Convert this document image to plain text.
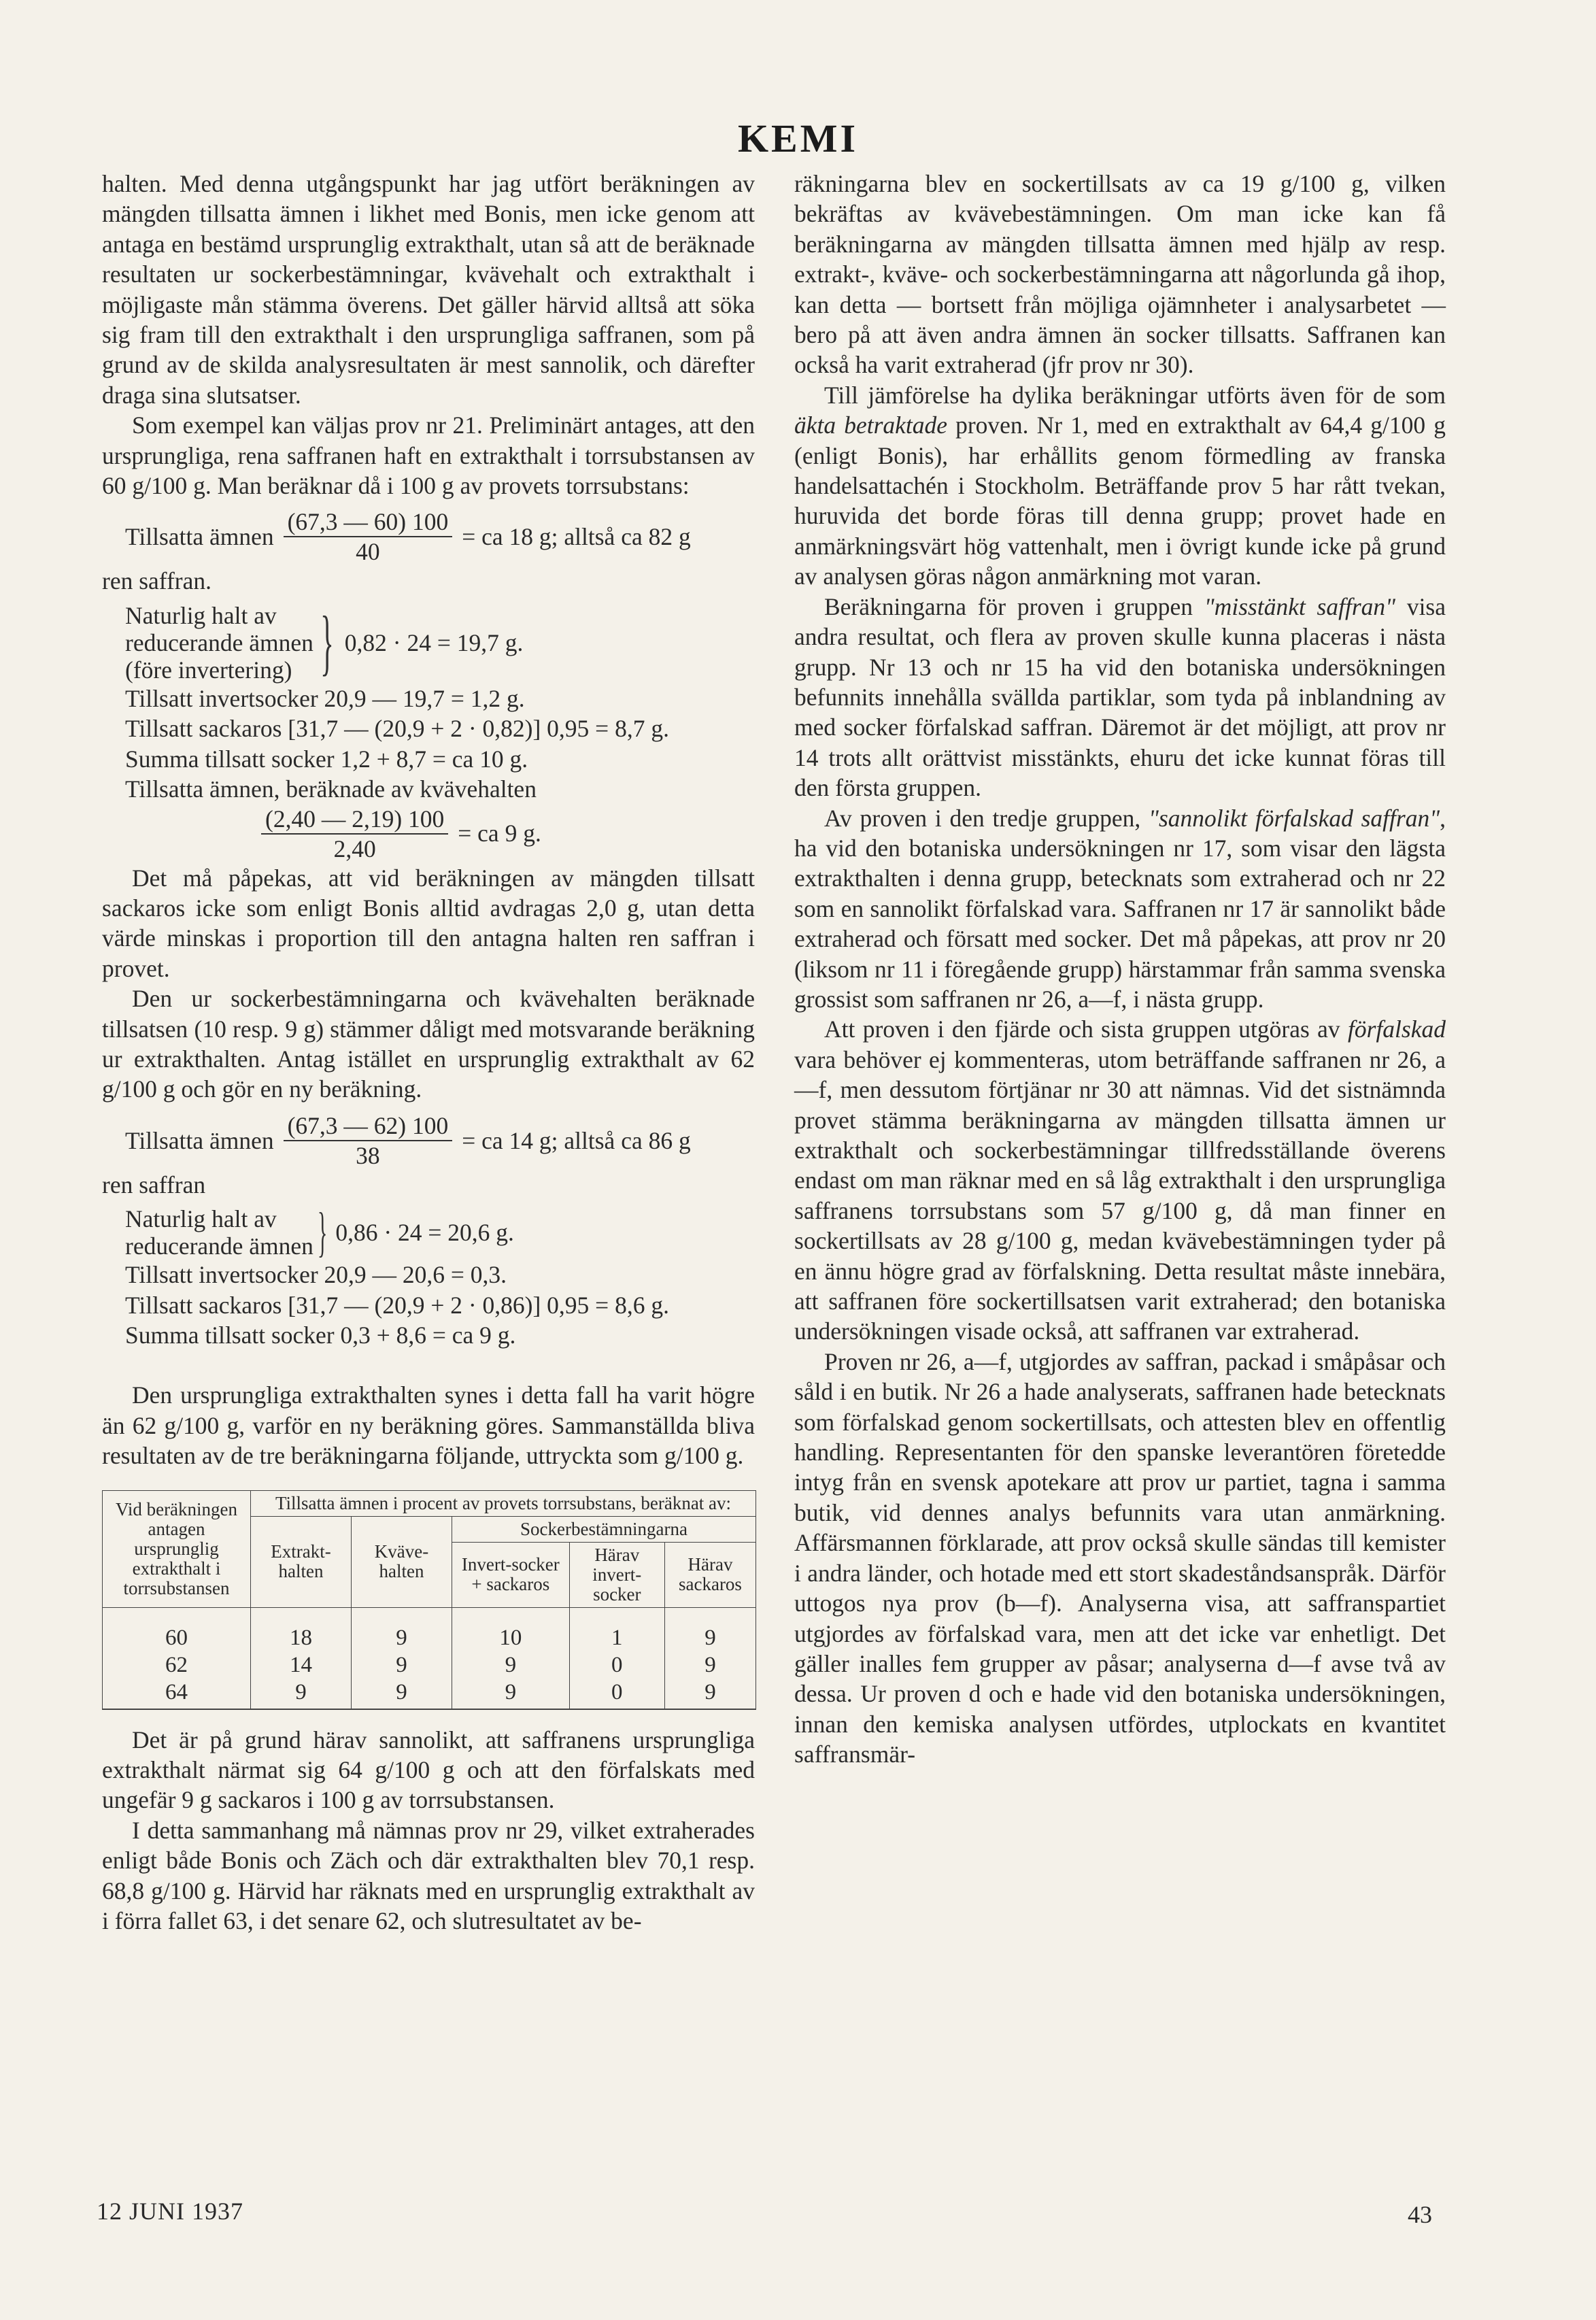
KEMI

halten. Med denna utgångspunkt har jag utfört beräkningen av mängden tillsatta ämnen i likhet med Bonis, men icke genom att antaga en bestämd ursprunglig extrakthalt, utan så att de beräknade resultaten ur sockerbestämningar, kvävehalt och extrakthalt i möjligaste mån stämma överens. Det gäller härvid alltså att söka sig fram till den extrakthalt i den ursprungliga saffranen, som på grund av de skilda analysresultaten är mest sannolik, och därefter draga sina slutsatser.

Som exempel kan väljas prov nr 21. Preliminärt antages, att den ursprungliga, rena saffranen haft en extrakthalt i torrsubstansen av 60 g/100 g. Man beräknar då i 100 g av provets torrsubstans:

Tillsatta ämnen $\frac{(67,3 — 60) 100}{40}$ = ca 18 g; alltså ca 82 g
ren saffran.
Naturlig halt av
reducerande ämnen
(före invertering) } 0,82 · 24 = 19,7 g.
Tillsatt invertsocker 20,9 — 19,7 = 1,2 g.
Tillsatt sackaros [31,7 — (20,9 + 2 · 0,82)] 0,95 = 8,7 g.
Summa tillsatt socker 1,2 + 8,7 = ca 10 g.
Tillsatta ämnen, beräknade av kvävehalten
$\frac{(2,40 — 2,19) 100}{2,40}$ = ca 9 g.

Det må påpekas, att vid beräkningen av mängden tillsatt sackaros icke som enligt Bonis alltid avdragas 2,0 g, utan detta värde minskas i proportion till den antagna halten ren saffran i provet.

Den ur sockerbestämningarna och kvävehalten beräknade tillsatsen (10 resp. 9 g) stämmer dåligt med motsvarande beräkning ur extrakthalten. Antag istället en ursprunglig extrakthalt av 62 g/100 g och gör en ny beräkning.

Tillsatta ämnen $\frac{(67,3 — 62) 100}{38}$ = ca 14 g; alltså ca 86 g
ren saffran
Naturlig halt av
reducerande ämnen } 0,86 · 24 = 20,6 g.
Tillsatt invertsocker 20,9 — 20,6 = 0,3.
Tillsatt sackaros [31,7 — (20,9 + 2 · 0,86)] 0,95 = 8,6 g.
Summa tillsatt socker 0,3 + 8,6 = ca 9 g.

Den ursprungliga extrakthalten synes i detta fall ha varit högre än 62 g/100 g, varför en ny beräkning göres. Sammanställda bliva resultaten av de tre beräkningarna följande, uttryckta som g/100 g.

Vid beräkningen antagen ursprunglig extrakthalt i torrsubstansen	Tillsatta ämnen i procent av provets torrsubstans, beräknat av:				
	Extrakt-halten	Kväve-halten	Sockerbestämningarna		
			Invert-socker + sackaros	Härav invert-socker	Härav sackaros
60	18	9	10	1	9
62	14	9	9	0	9
64	9	9	9	0	9

Det är på grund härav sannolikt, att saffranens ursprungliga extrakthalt närmat sig 64 g/100 g och att den förfalskats med ungefär 9 g sackaros i 100 g av torrsubstansen.

I detta sammanhang må nämnas prov nr 29, vilket extraherades enligt både Bonis och Zäch och där extrakthalten blev 70,1 resp. 68,8 g/100 g. Härvid har räknats med en ursprunglig extrakthalt av i förra fallet 63, i det senare 62, och slutresultatet av be-

räkningarna blev en sockertillsats av ca 19 g/100 g, vilken bekräftas av kvävebestämningen. Om man icke kan få beräkningarna av mängden tillsatta ämnen med hjälp av resp. extrakt-, kväve- och sockerbestämningarna att någorlunda gå ihop, kan detta — bortsett från möjliga ojämnheter i analysarbetet — bero på att även andra ämnen än socker tillsatts. Saffranen kan också ha varit extraherad (jfr prov nr 30).

Till jämförelse ha dylika beräkningar utförts även för de som äkta betraktade proven. Nr 1, med en extrakthalt av 64,4 g/100 g (enligt Bonis), har erhållits genom förmedling av franska handelsattachén i Stockholm. Beträffande prov 5 har rått tvekan, huruvida det borde föras till denna grupp; provet hade en anmärkningsvärt hög vattenhalt, men i övrigt kunde icke på grund av analysen göras någon anmärkning mot varan.

Beräkningarna för proven i gruppen "misstänkt saffran" visa andra resultat, och flera av proven skulle kunna placeras i nästa grupp. Nr 13 och nr 15 ha vid den botaniska undersökningen befunnits innehålla svällda partiklar, som tyda på inblandning av med socker förfalskad saffran. Däremot är det möjligt, att prov nr 14 trots allt orättvist misstänkts, ehuru det icke kunnat föras till den första gruppen.

Av proven i den tredje gruppen, "sannolikt förfalskad saffran", ha vid den botaniska undersökningen nr 17, som visar den lägsta extrakthalten i denna grupp, betecknats som extraherad och nr 22 som en sannolikt förfalskad vara. Saffranen nr 17 är sannolikt både extraherad och försatt med socker. Det må påpekas, att prov nr 20 (liksom nr 11 i föregående grupp) härstammar från samma svenska grossist som saffranen nr 26, a—f, i nästa grupp.

Att proven i den fjärde och sista gruppen utgöras av förfalskad vara behöver ej kommenteras, utom beträffande saffranen nr 26, a—f, men dessutom förtjänar nr 30 att nämnas. Vid det sistnämnda provet stämma beräkningarna av mängden tillsatta ämnen ur extrakthalt och sockerbestämningar tillfredsställande överens endast om man räknar med en så låg extrakthalt i den ursprungliga saffranens torrsubstans som 57 g/100 g, då man finner en sockertillsats av 28 g/100 g, medan kvävebestämningen tyder på en ännu högre grad av förfalskning. Detta resultat måste innebära, att saffranen före sockertillsatsen varit extraherad; den botaniska undersökningen visade också, att saffranen var extraherad.

Proven nr 26, a—f, utgjordes av saffran, packad i småpåsar och såld i en butik. Nr 26 a hade analyserats, saffranen hade betecknats som förfalskad genom sockertillsats, och attesten blev en offentlig handling. Representanten för den spanske leverantören företedde intyg från en svensk apotekare att prov ur partiet, tagna i samma butik, vid dennes analys befunnits vara utan anmärkning. Affärsmannen förklarade, att prov också skulle sändas till kemister i andra länder, och hotade med ett stort skadeståndsanspråk. Därför uttogos nya prov (b—f). Analyserna visa, att saffranspartiet utgjordes av förfalskad vara, men att det icke var enhetligt. Det gäller inalles fem grupper av påsar; analyserna d—f avse två av dessa. Ur proven d och e hade vid den botaniska undersökningen, innan den kemiska analysen utfördes, utplockats en kvantitet saffransmär-

12 JUNI 1937	43
